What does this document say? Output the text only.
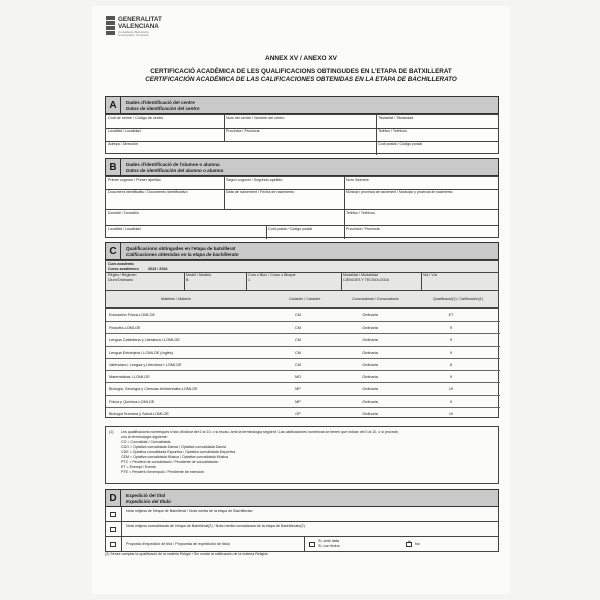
GENERALITAT
VALENCIANA
Conselleria d'Educació,
Universitats i Ocupació
ANNEX XV / ANEXO XV
CERTIFICACIÓ ACADÈMICA DE LES QUALIFICACIONS OBTINGUDES EN L'ETAPA DE BATXILLERAT
CERTIFICACIÓN ACADÉMICA DE LAS CALIFICACIONES OBTENIDAS EN LA ETAPA DE BACHILLERATO
A	Dades d'identificació del centre
Datos de identificación del centro
Codi de centre / Código de centro	Nom del centre / Nombre del centro	Titularitat / Titularidad
Localitat / Localidad	Província / Provincia	Telèfon / Teléfono
Adreça / Dirección	Codi postal / Código postal
B	Dades d'identificació de l'alumne o alumna
Datos de identificación del alumno o alumna
Primer cognom / Primer apellido	Segon cognom / Segundo apellido	Nom /Nombre
Document identificatiu / Documento identificativo	Data de naixement / Fecha de nacimiento	Municipi i província de naixement / Municipio y provincia de nacimiento
Domicili / Domicilio	Telèfon / Teléfono
Localitat / Localidad	Codi postal / Código postal	Província / Provincia
C	Qualificacions obtingudes en l'etapa de batxillerat
Calificaciones obtenidas en la etapa de bachillerato
Curs acadèmic
Curso académico	2023 / 2024
Règim / Régimen
Diurn/Ordinario
Model / Modelo
B
Curs o Bloc / Curso o Bloque
1
Modalitat / Modalidad
CIÈNCIES Y TECNOLOGIA
Via / Vía
Matèries / Materia	Caràcter / Carácter	Convocatòria / Convocatoria	Qualificació(1) / Calificación(1)
Educación Física-LOMLOE	CM	Ordinaria	ET
Filosofía-LOMLOE	CM	Ordinaria	9
Lengua Castellana y Literatura I-LOMLOE	CM	Ordinaria	9
Lengua Extranjera I-LOMLOE (Inglés)	CM	Ordinaria	9
Valenciano: Lengua y Literatura I-LOMLOE	CM	Ordinaria	8
Matemáticas I-LOMLOE	MO	Ordinaria	9
Biología, Geología y Ciencias Ambientales-LOMLOE	MP	Ordinaria	10
Física y Química-LOMLOE	MP	Ordinaria	9
Biología Humana y Salud-LOMLOE	OP	Ordinaria	10
(1) Les qualificacions numèriques s'han d'indicar del 0 al 10, o si escau, amb la terminologia següent / Las calificaciones numéricas se tienen que indicar del 0 al 10, o si procede,
con la terminología siguiente:
CO = Convalidat / Convalidada
CDO = Optativa convalidada Dansa / Optativa convalidada Danza
CDE = Optativa convalidada Esportiva / Optativa convalidada Deportiva
CEM = Optativa convalidada Música / Optativa convalidada Música
PTC = Pendent de convalidació / Pendiente de convalidación
ET = Exempt / Exento
PTE = Pendent d'exempció / Pendiente de exención
D	Expedició del títol
Expedición del título
Nota mitjana de l'etapa de Batxillerat / Nota media de la etapa de Bachillerato
Nota mitjana normalitzada de l'etapa de Batxillerat(2) / Nota media normalizada de la etapa de Bachillerato(2)
Proposta d'expedició de títol / Propuesta de expedición de título
Sí, amb data
Sí, con fecha
×	No
(2) Sense comptar la qualificació de la matèria Religió / Sin contar la calificación de la materia Religión
